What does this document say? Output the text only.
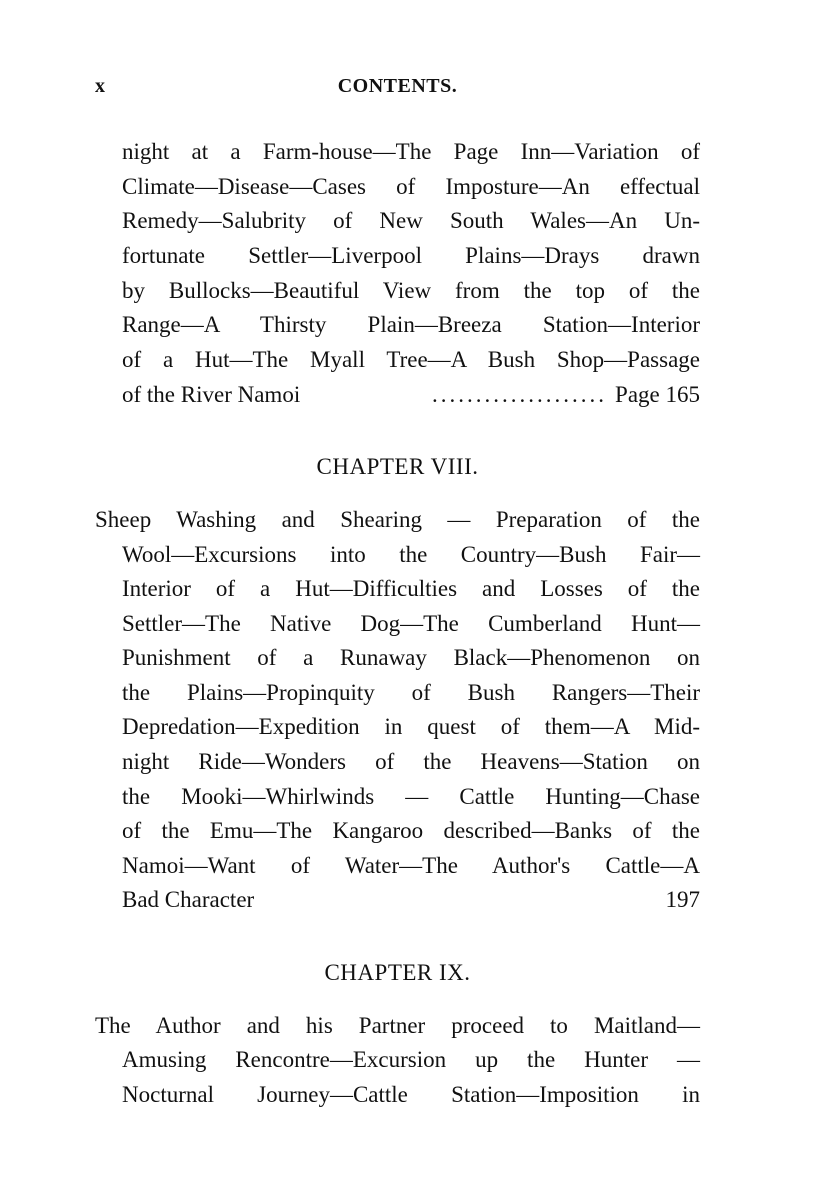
x	CONTENTS.
night at a Farm-house—The Page Inn—Variation of
Climate—Disease—Cases of Imposture—An effectual
Remedy—Salubrity of New South Wales—An Un-
fortunate Settler—Liverpool Plains—Drays drawn
by Bullocks—Beautiful View from the top of the
Range—A Thirsty Plain—Breeza Station—Interior
of a Hut—The Myall Tree—A Bush Shop—Passage
of the River Namoi	.................... Page 165
CHAPTER VIII.
Sheep Washing and Shearing — Preparation of the
Wool—Excursions into the Country—Bush Fair—
Interior of a Hut—Difficulties and Losses of the
Settler—The Native Dog—The Cumberland Hunt—
Punishment of a Runaway Black—Phenomenon on
the Plains—Propinquity of Bush Rangers—Their
Depredation—Expedition in quest of them—A Mid-
night Ride—Wonders of the Heavens—Station on
the Mooki—Whirlwinds — Cattle Hunting—Chase
of the Emu—The Kangaroo described—Banks of the
Namoi—Want of Water—The Author's Cattle—A
Bad Character	197
CHAPTER IX.
The Author and his Partner proceed to Maitland—
Amusing Rencontre—Excursion up the Hunter —
Nocturnal Journey—Cattle Station—Imposition in
